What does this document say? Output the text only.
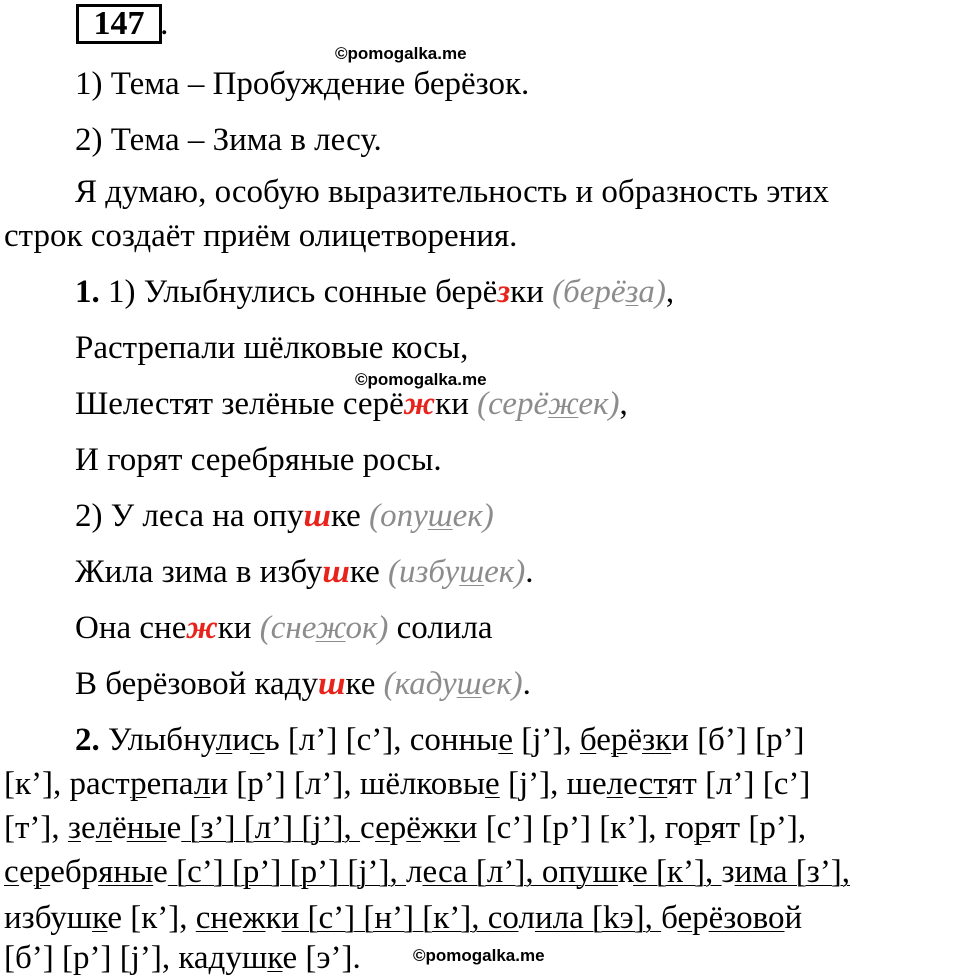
147 .
©pomogalka.me
©pomogalka.me
©pomogalka.me
1) Тема – Пробуждение берёзок.
2) Тема – Зима в лесу.
Я думаю, особую выразительность и образность этих
строк создаёт приём олицетворения.
1. 1) Улыбнулись сонные берёзки (берёза),
Растрепали шёлковые косы,
Шелестят зелёные серёжки (серёжек),
И горят серебряные росы.
2) У леса на опушке (опушек)
Жила зима в избушке (избушек).
Она снежки (снежок) солила
В берёзовой кадушке (кадушек).
2. Улыбнулись [л’] [с’], сонные [j’], берёзки [б’] [р’]
[к’], растрепали [р’] [л’], шёлковые [j’], шелестят [л’] [с’]
[т’], зелёные [з’] [л’] [j’], серёжки [с’] [р’] [к’], горят [р’],
серебряные [с’] [р’] [р’] [j’], леса [л’], опушке [к’], зима [з’],
избушке [к’], снежки [с’] [н’] [к’], солила [kэ], берёзовой
[б’] [р’] [j’], кадушке [э’].
